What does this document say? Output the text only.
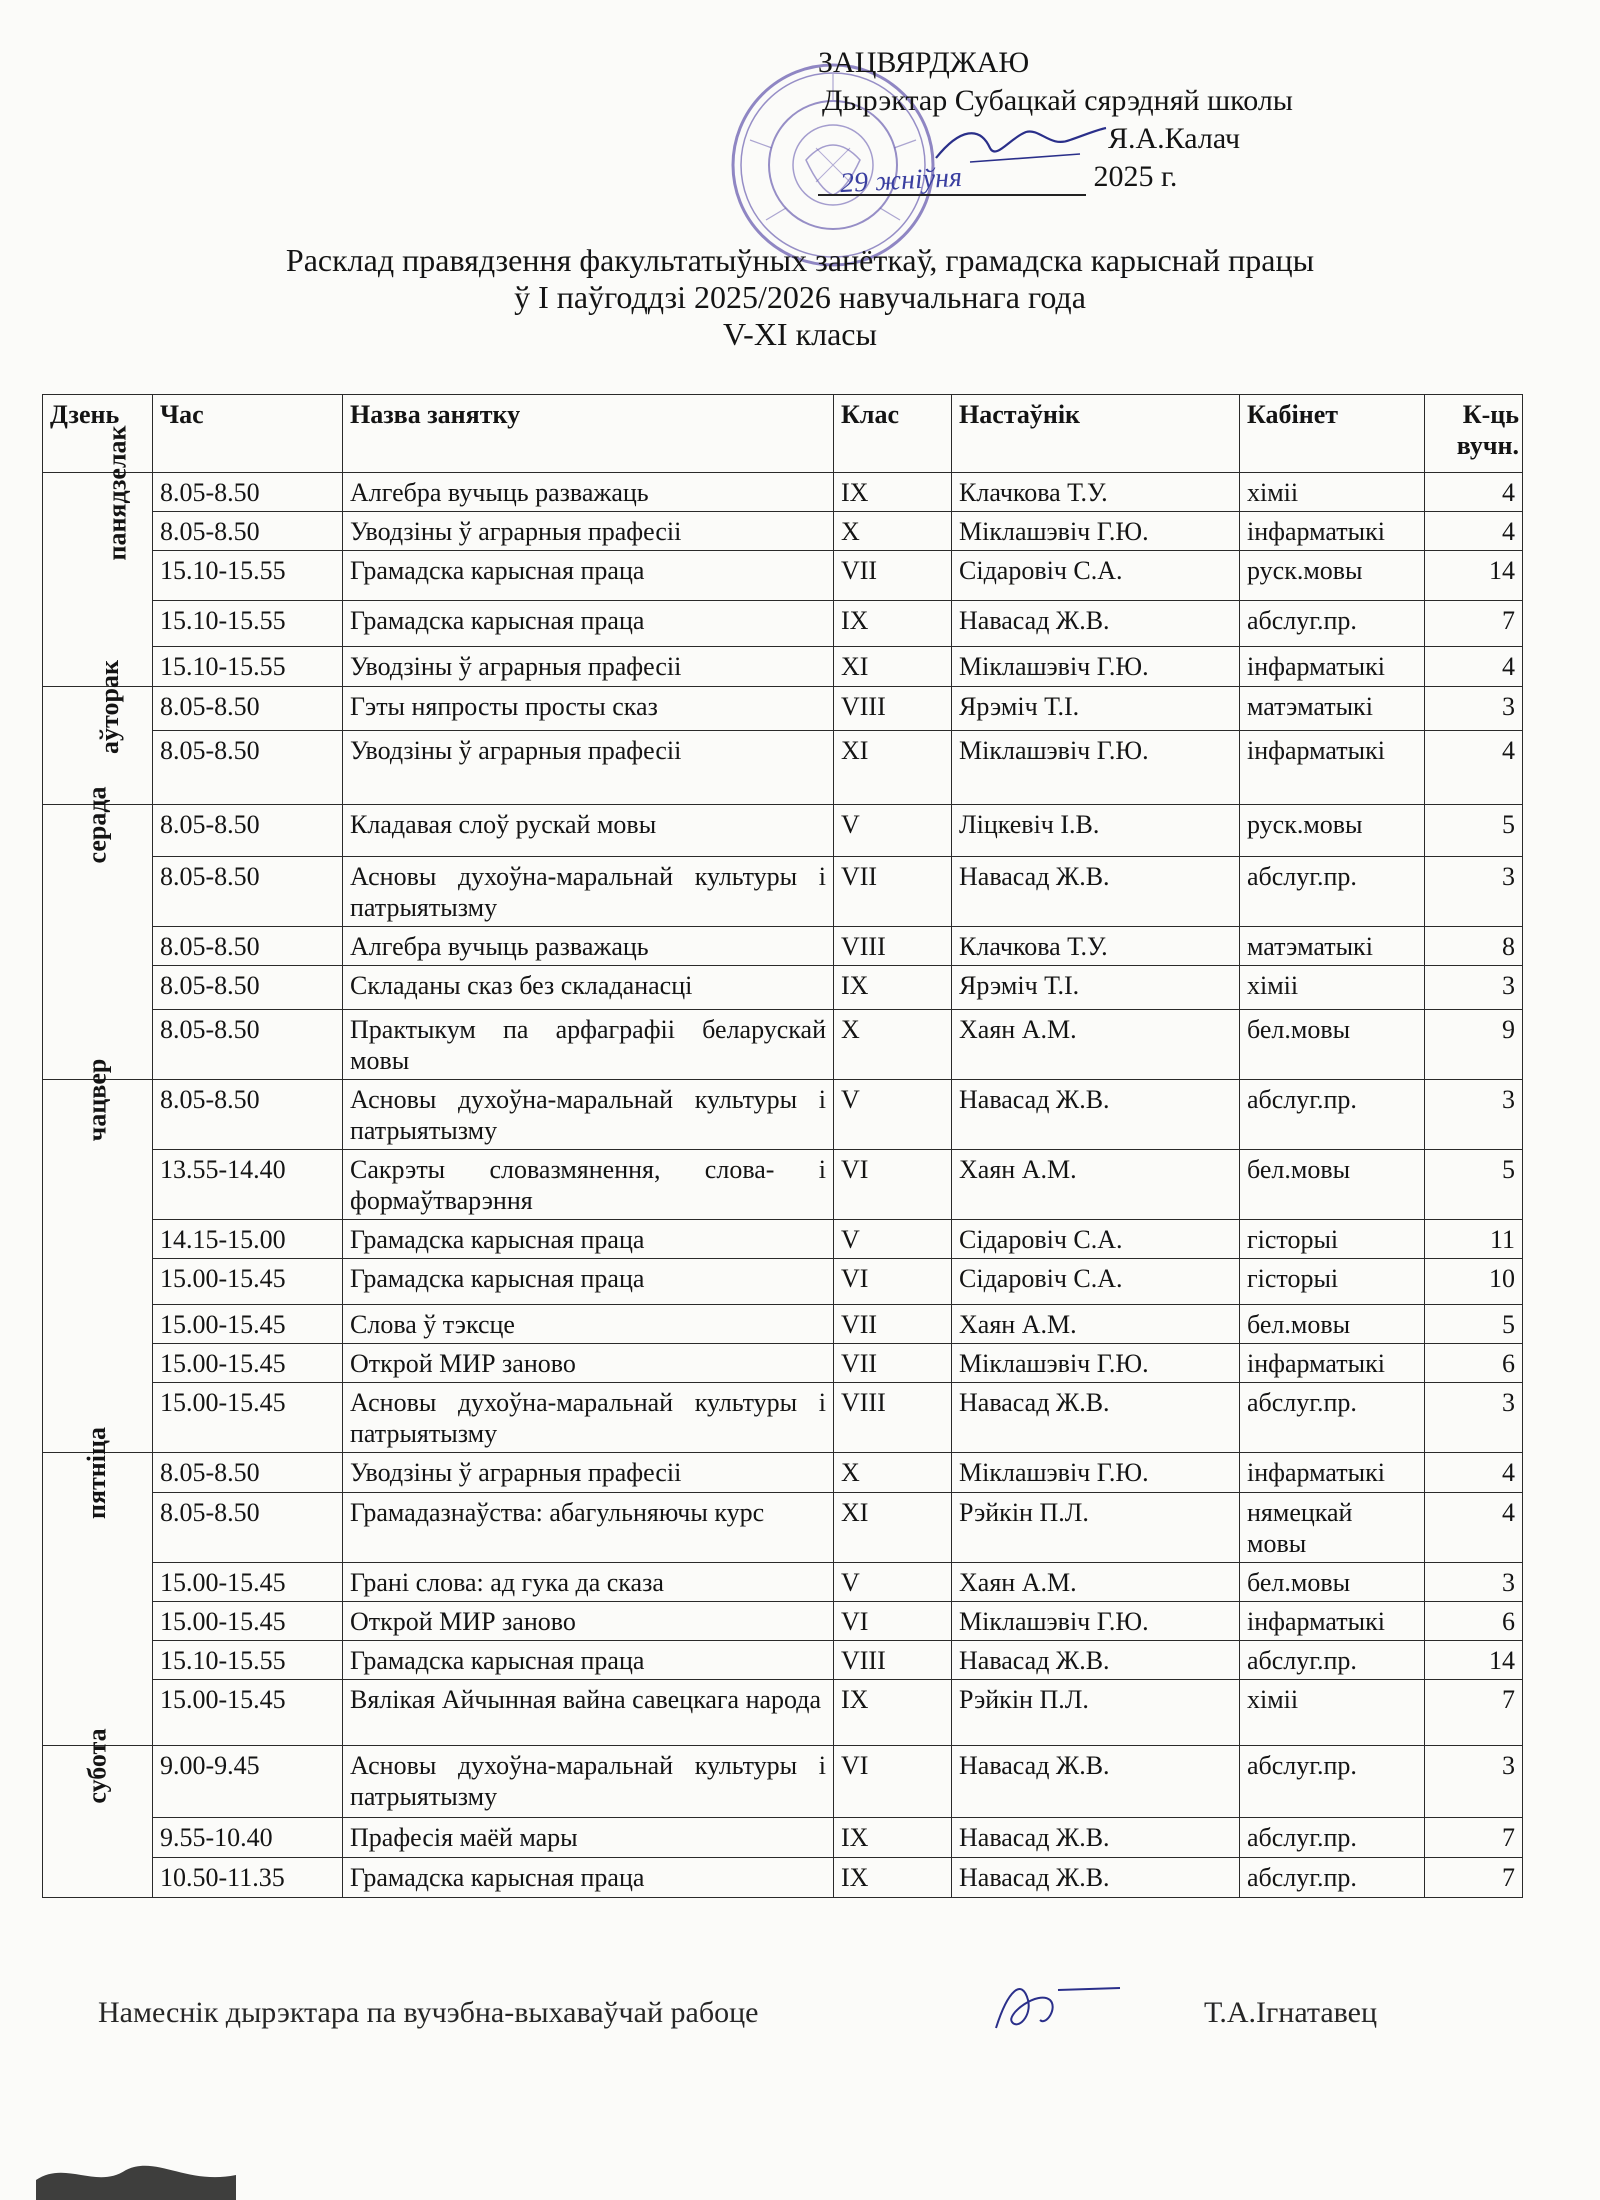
ЗАЦВЯРДЖАЮ
Дырэктар Субацкай сярэдняй школы
Я.А.Калач
29 жніўня	2025 г.
Расклад правядзення факультатыўных занёткаў, грамадска карыснай працы
ў I паўгоддзі 2025/2026 навучальнага года
V-XI класы
Дзень	Час	Назва занятку	Клас	Настаўнік	Кабінет	К-ць вучн.
панядзелак	8.05-8.50	Алгебра вучыць разважаць	IX	Клачкова Т.У.	хіміі	4
	8.05-8.50	Уводзіны ў аграрныя прафесіі	X	Міклашэвіч Г.Ю.	інфарматыкі	4
	15.10-15.55	Грамадска карысная праца	VII	Сідаровіч С.А.	руск.мовы	14
	15.10-15.55	Грамадска карысная праца	IX	Навасад Ж.В.	абслуг.пр.	7
	15.10-15.55	Уводзіны ў аграрныя прафесіі	XI	Міклашэвіч Г.Ю.	інфарматыкі	4
аўторак	8.05-8.50	Гэты няпросты просты сказ	VIII	Ярэміч Т.І.	матэматыкі	3
	8.05-8.50	Уводзіны ў аграрныя прафесіі	XI	Міклашэвіч Г.Ю.	інфарматыкі	4
серада	8.05-8.50	Кладавая слоў рускай мовы	V	Ліцкевіч І.В.	руск.мовы	5
	8.05-8.50	Асновы духоўна-маральнай культуры і патрыятызму	VII	Навасад Ж.В.	абслуг.пр.	3
	8.05-8.50	Алгебра вучыць разважаць	VIII	Клачкова Т.У.	матэматыкі	8
	8.05-8.50	Складаны сказ без складанасці	IX	Ярэміч Т.І.	хіміі	3
	8.05-8.50	Практыкум па арфаграфіі беларускай мовы	X	Хаян А.М.	бел.мовы	9
чацвер	8.05-8.50	Асновы духоўна-маральнай культуры і патрыятызму	V	Навасад Ж.В.	абслуг.пр.	3
	13.55-14.40	Сакрэты словазмянення, слова- і формаўтварэння	VI	Хаян А.М.	бел.мовы	5
	14.15-15.00	Грамадска карысная праца	V	Сідаровіч С.А.	гісторыі	11
	15.00-15.45	Грамадска карысная праца	VI	Сідаровіч С.А.	гісторыі	10
	15.00-15.45	Слова ў тэксце	VII	Хаян А.М.	бел.мовы	5
	15.00-15.45	Открой МИР заново	VII	Міклашэвіч Г.Ю.	інфарматыкі	6
	15.00-15.45	Асновы духоўна-маральнай культуры і патрыятызму	VIII	Навасад Ж.В.	абслуг.пр.	3
пятніца	8.05-8.50	Уводзіны ў аграрныя прафесіі	X	Міклашэвіч Г.Ю.	інфарматыкі	4
	8.05-8.50	Грамадазнаўства: абагульняючы курс	XI	Рэйкін П.Л.	нямецкай мовы	4
	15.00-15.45	Грані слова: ад гука да сказа	V	Хаян А.М.	бел.мовы	3
	15.00-15.45	Открой МИР заново	VI	Міклашэвіч Г.Ю.	інфарматыкі	6
	15.10-15.55	Грамадска карысная праца	VIII	Навасад Ж.В.	абслуг.пр.	14
	15.00-15.45	Вялікая Айчынная вайна савецкага народа	IX	Рэйкін П.Л.	хіміі	7
субота	9.00-9.45	Асновы духоўна-маральнай культуры і патрыятызму	VI	Навасад Ж.В.	абслуг.пр.	3
	9.55-10.40	Прафесія маёй мары	IX	Навасад Ж.В.	абслуг.пр.	7
	10.50-11.35	Грамадска карысная праца	IX	Навасад Ж.В.	абслуг.пр.	7
Намеснік дырэктара па вучэбна-выхаваўчай рабоце	Т.А.Ігнатавец
